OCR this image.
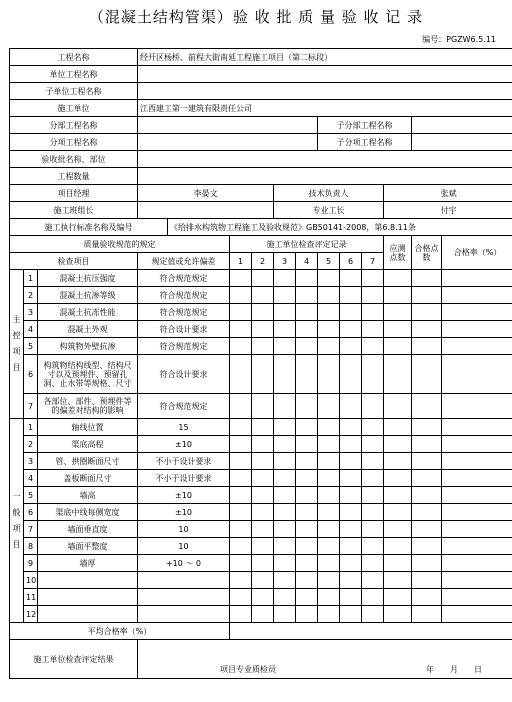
（混凝土结构管渠）验 收 批 质 量 验 收 记 录
编号：PGZW6.5.11
工程名称			经开区杨桥、前程大街南延工程施工项目（第二标段）											
单位工程名称														
子单位工程名称														
施工单位			江西建工第一建筑有限责任公司											
分部工程名称									子分部工程名称					
分项工程名称									子分项工程名称					
验收批名称、部位														
工程数量														
项目经理			李晏文				技术负责人					张斌		
施工班组长							专业工长					付宇		
施工执行标准名称及编号				《给排水构筑物工程施工及验收规范》GB50141-2008，第6.8.11条										
质量验收规范的规定					施工单位检查评定记录							应测点数	合格点数	合格率（%）
检查项目			规定值或允许偏差		1	2	3	4	5	6	7			
主
控
项
目	1	混凝土抗压强度	符合规范规定											
	2	混凝土抗渗等级	符合规范规定											
	3	混凝土抗冻性能	符合规范规定											
	4	混凝土外观	符合设计要求											
	5	构筑物外壁抗渗	符合规范规定											
	6	构筑物结构线型、结构尺寸以及预埋件、预留孔洞、止水带等规格、尺寸	符合设计要求											
	7	各部位、部件、预埋件等的偏差对结构的影响	符合规范规定											
一
般
项
目	1	轴线位置	15											
	2	渠底高程	±10											
	3	管、拱圈断面尺寸	不小于设计要求											
	4	盖板断面尺寸	不小于设计要求											
	5	墙高	±10											
	6	渠底中线每侧宽度	±10											
	7	墙面垂直度	10											
	8	墙面平整度	10											
	9	墙厚	+10 ～ 0											
	10													
	11													
	12													
平均合格率（%）														
施工单位检查评定结果			项目专业质检员 年　　月　　日											
